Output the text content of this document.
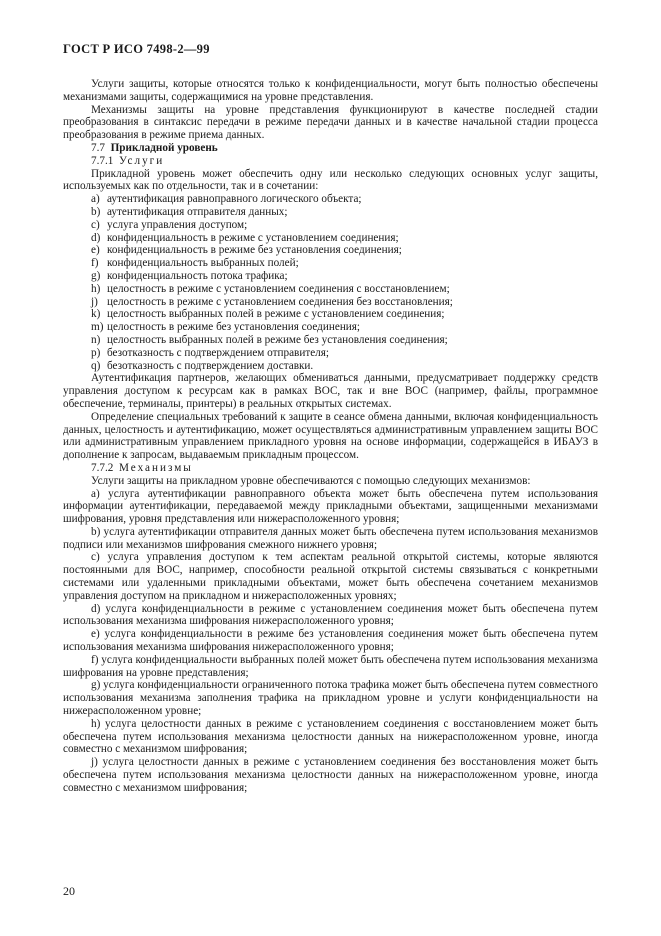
ГОСТ Р ИСО 7498-2—99

Услуги защиты, которые относятся только к конфиденциальности, могут быть полностью обеспечены механизмами защиты, содержащимися на уровне представления.

Механизмы защиты на уровне представления функционируют в качестве последней стадии преобразования в синтаксис передачи в режиме передачи данных и в качестве начальной стадии процесса преобразования в режиме приема данных.

7.7 Прикладной уровень

7.7.1 Услуги

Прикладной уровень может обеспечить одну или несколько следующих основных услуг защиты, используемых как по отдельности, так и в сочетании:

a) аутентификация равноправного логического объекта;
b) аутентификация отправителя данных;
c) услуга управления доступом;
d) конфиденциальность в режиме с установлением соединения;
e) конфиденциальность в режиме без установления соединения;
f) конфиденциальность выбранных полей;
g) конфиденциальность потока трафика;
h) целостность в режиме с установлением соединения с восстановлением;
j) целостность в режиме с установлением соединения без восстановления;
k) целостность выбранных полей в режиме с установлением соединения;
m) целостность в режиме без установления соединения;
n) целостность выбранных полей в режиме без установления соединения;
p) безотказность с подтверждением отправителя;
q) безотказность с подтверждением доставки.

Аутентификация партнеров, желающих обмениваться данными, предусматривает поддержку средств управления доступом к ресурсам как в рамках ВОС, так и вне ВОС (например, файлы, программное обеспечение, терминалы, принтеры) в реальных открытых системах.

Определение специальных требований к защите в сеансе обмена данными, включая конфиденциальность данных, целостность и аутентификацию, может осуществляться административным управлением защиты ВОС или административным управлением прикладного уровня на основе информации, содержащейся в ИБАУЗ в дополнение к запросам, выдаваемым прикладным процессом.

7.7.2 Механизмы

Услуги защиты на прикладном уровне обеспечиваются с помощью следующих механизмов:

a) услуга аутентификации равноправного объекта может быть обеспечена путем использования информации аутентификации, передаваемой между прикладными объектами, защищенными механизмами шифрования, уровня представления или нижерасположенного уровня;

b) услуга аутентификации отправителя данных может быть обеспечена путем использования механизмов подписи или механизмов шифрования смежного нижнего уровня;

c) услуга управления доступом к тем аспектам реальной открытой системы, которые являются постоянными для ВОС, например, способности реальной открытой системы связываться с конкретными системами или удаленными прикладными объектами, может быть обеспечена сочетанием механизмов управления доступом на прикладном и нижерасположенных уровнях;

d) услуга конфиденциальности в режиме с установлением соединения может быть обеспечена путем использования механизма шифрования нижерасположенного уровня;

e) услуга конфиденциальности в режиме без установления соединения может быть обеспечена путем использования механизма шифрования нижерасположенного уровня;

f) услуга конфиденциальности выбранных полей может быть обеспечена путем использования механизма шифрования на уровне представления;

g) услуга конфиденциальности ограниченного потока трафика может быть обеспечена путем совместного использования механизма заполнения трафика на прикладном уровне и услуги конфиденциальности на нижерасположенном уровне;

h) услуга целостности данных в режиме с установлением соединения с восстановлением может быть обеспечена путем использования механизма целостности данных на нижерасположенном уровне, иногда совместно с механизмом шифрования;

j) услуга целостности данных в режиме с установлением соединения без восстановления может быть обеспечена путем использования механизма целостности данных на нижерасположенном уровне, иногда совместно с механизмом шифрования;

20
